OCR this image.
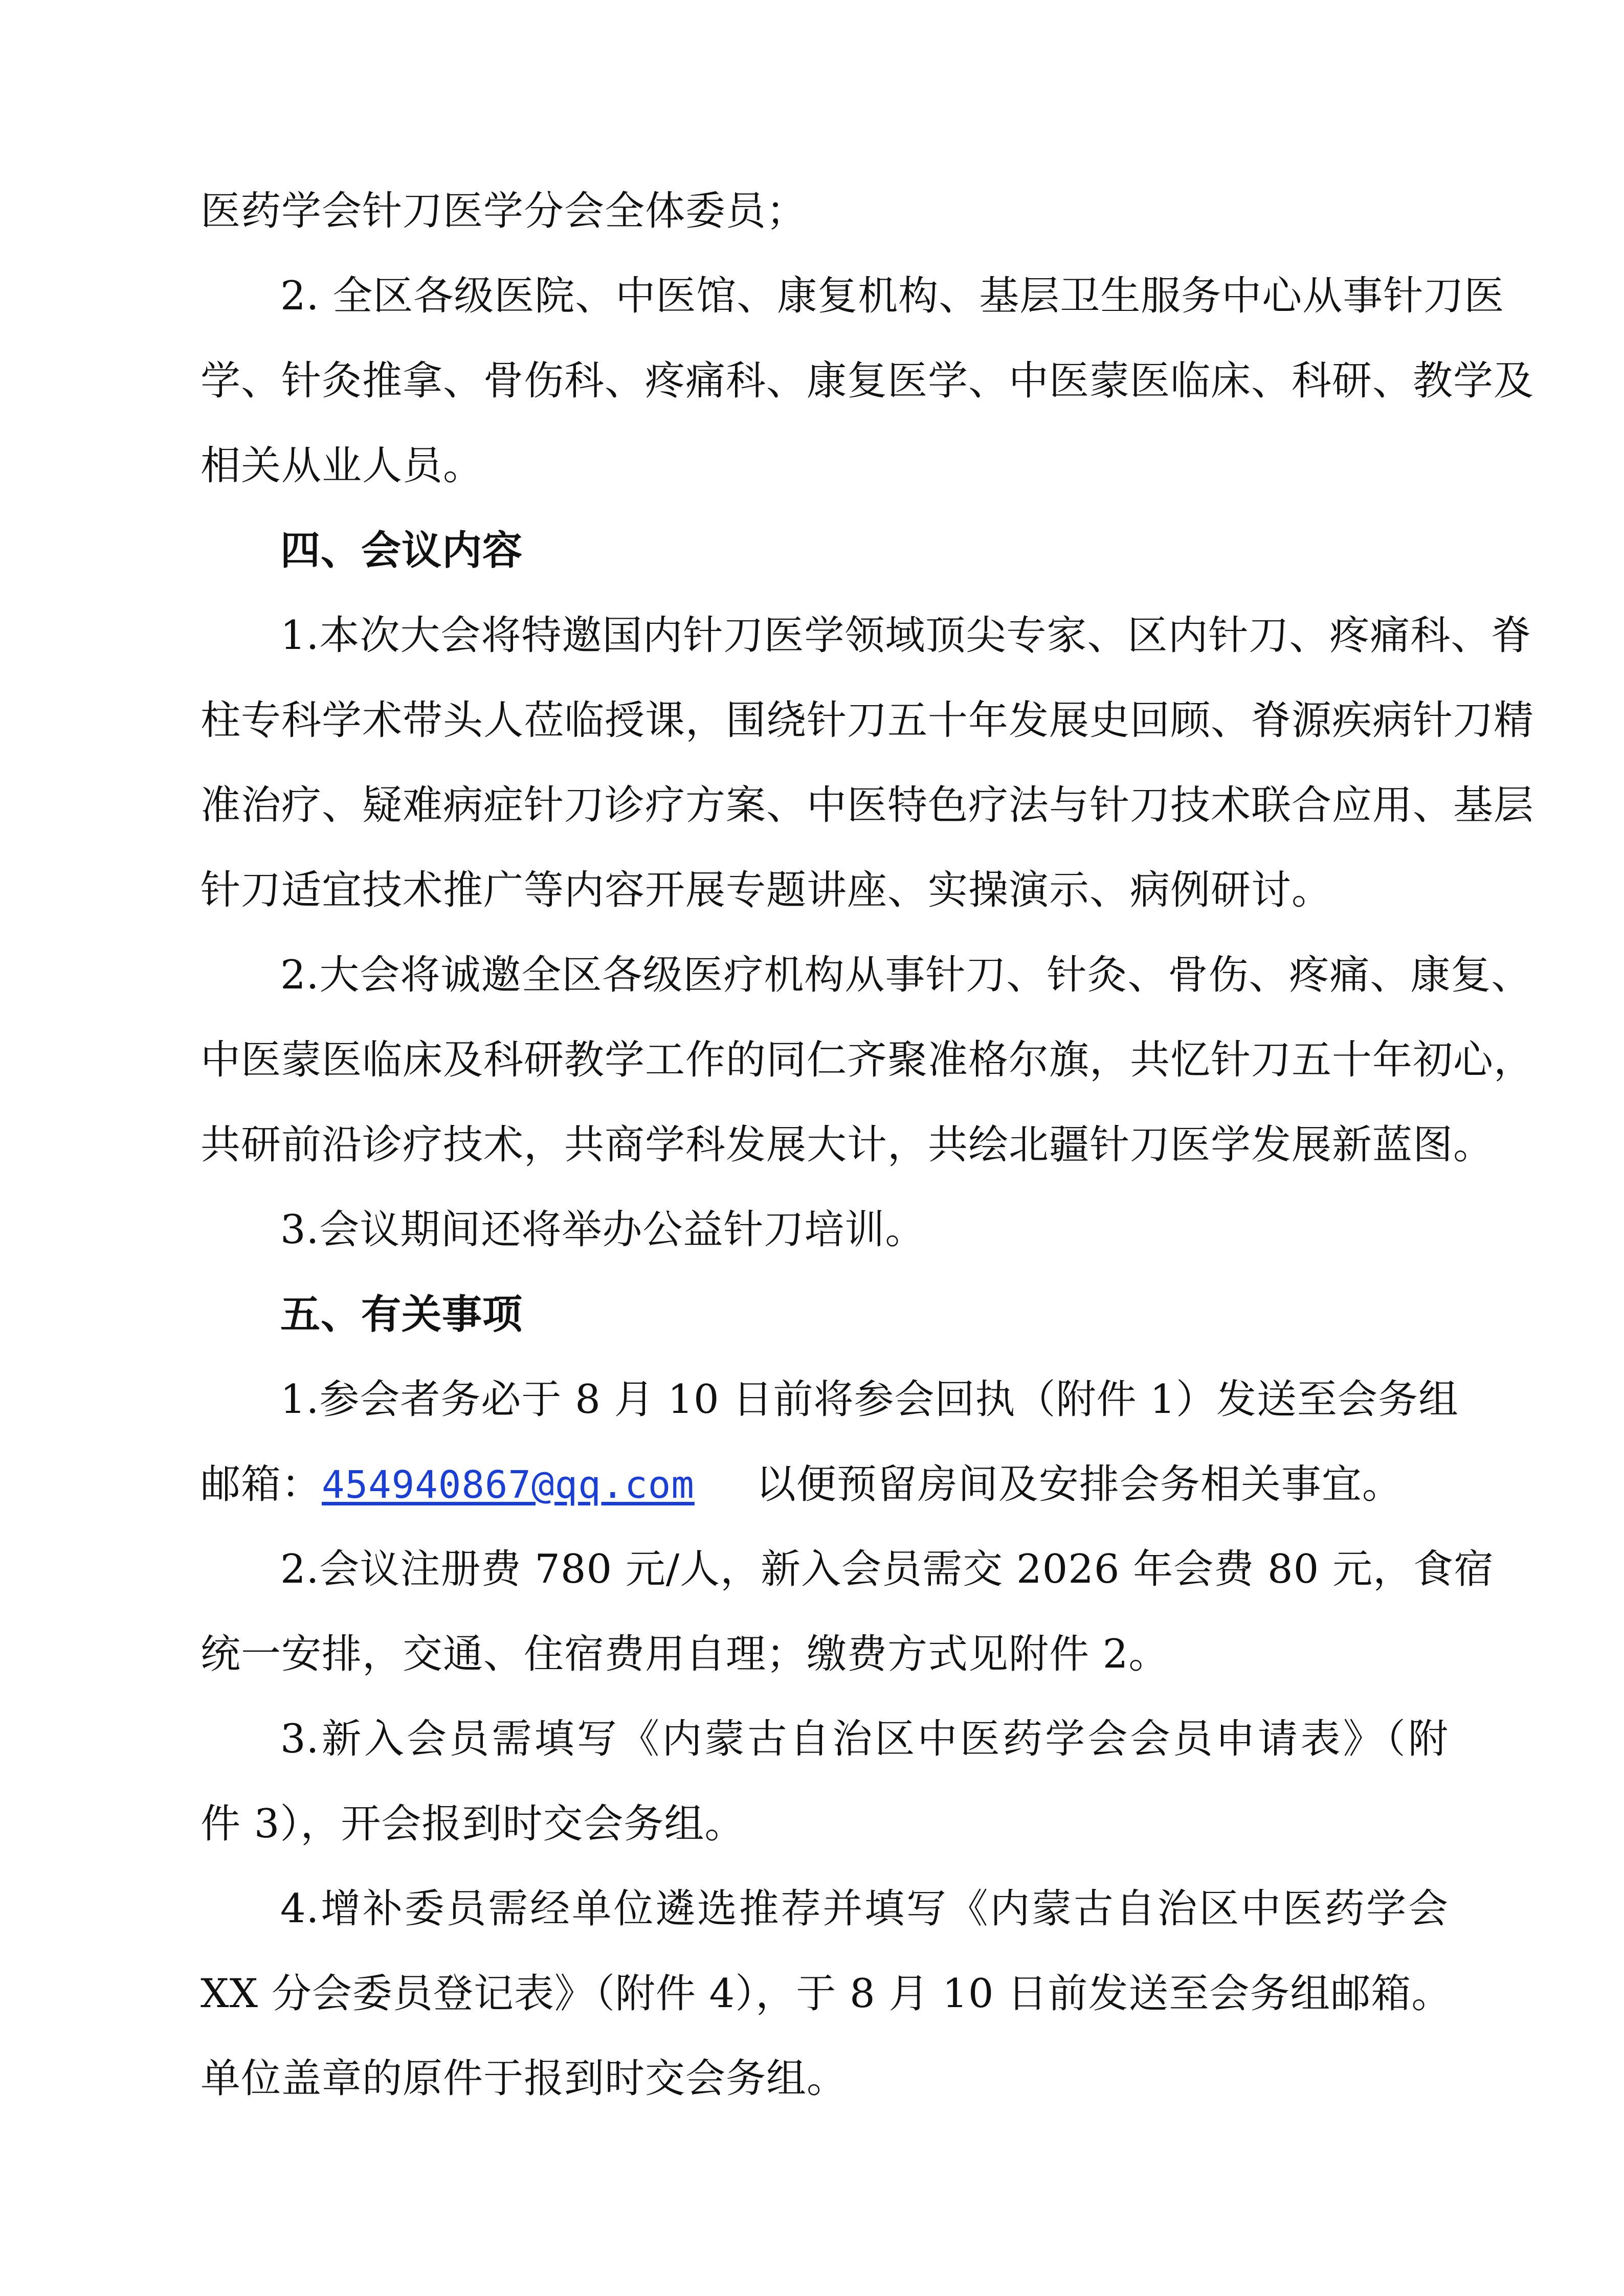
医药学会针刀医学分会全体委员；
2. 全区各级医院、中医馆、康复机构、基层卫生服务中心从事针刀医
学、针灸推拿、骨伤科、疼痛科、康复医学、中医蒙医临床、科研、教学及
相关从业人员。
四、会议内容
1.本次大会将特邀国内针刀医学领域顶尖专家、区内针刀、疼痛科、脊
柱专科学术带头人莅临授课，围绕针刀五十年发展史回顾、脊源疾病针刀精
准治疗、疑难病症针刀诊疗方案、中医特色疗法与针刀技术联合应用、基层
针刀适宜技术推广等内容开展专题讲座、实操演示、病例研讨。
2.大会将诚邀全区各级医疗机构从事针刀、针灸、骨伤、疼痛、康复、
中医蒙医临床及科研教学工作的同仁齐聚准格尔旗，共忆针刀五十年初心，
共研前沿诊疗技术，共商学科发展大计，共绘北疆针刀医学发展新蓝图。
3.会议期间还将举办公益针刀培训。
五、有关事项
1.参会者务必于 8 月 10 日前将参会回执（附件 1）发送至会务组
邮箱：454940867@qq.com 以便预留房间及安排会务相关事宜。
2.会议注册费 780 元/人，新入会员需交 2026 年会费 80 元，食宿
统一安排，交通、住宿费用自理；缴费方式见附件 2。
3.新入会员需填写《内蒙古自治区中医药学会会员申请表》（附
件 3），开会报到时交会务组。
4.增补委员需经单位遴选推荐并填写《内蒙古自治区中医药学会
XX 分会委员登记表》（附件 4），于 8 月 10 日前发送至会务组邮箱。
单位盖章的原件于报到时交会务组。
